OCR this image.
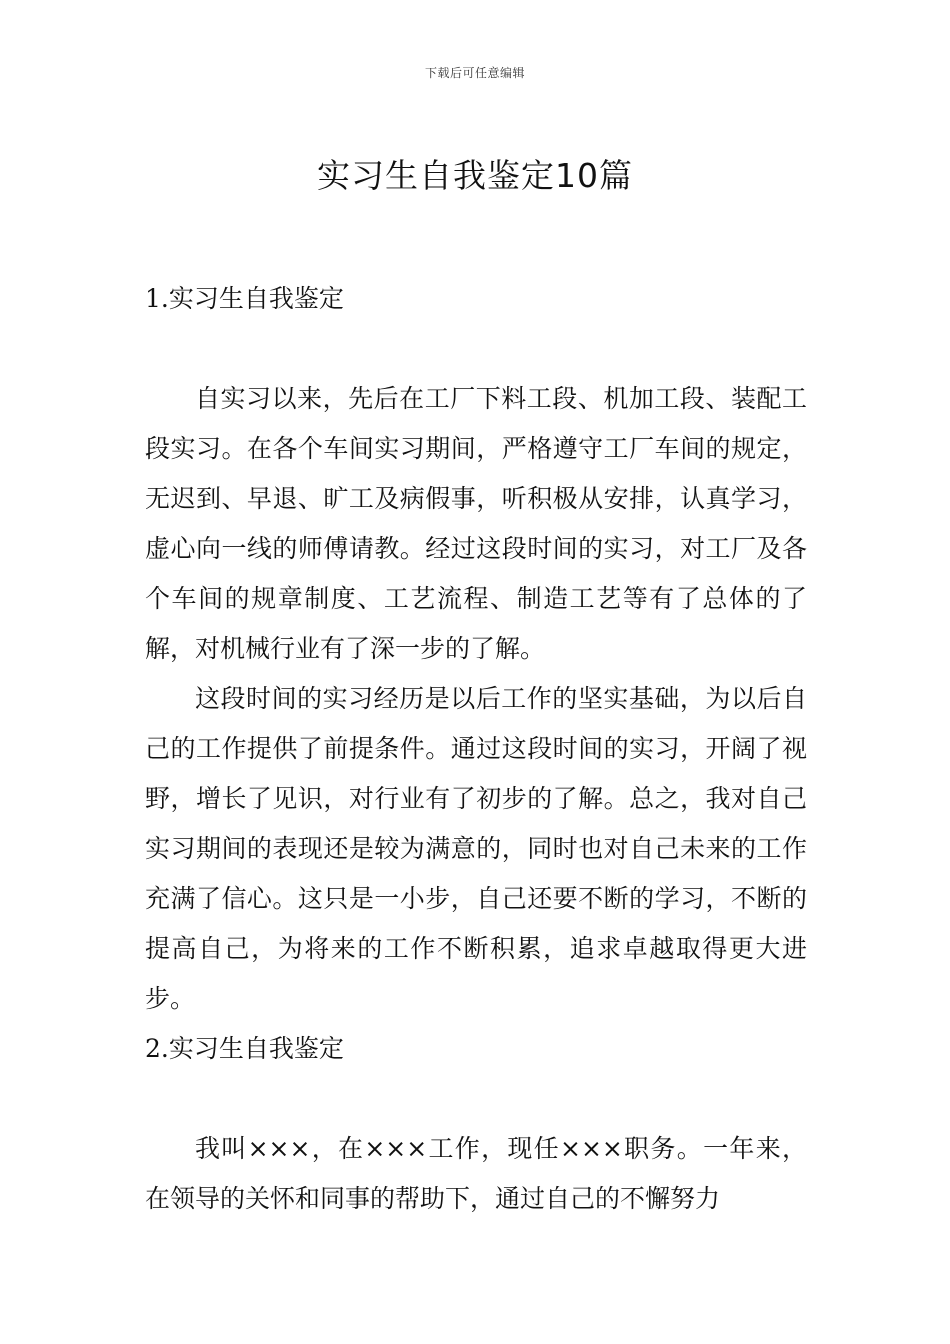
下载后可任意编辑
实习生自我鉴定10篇
1.实习生自我鉴定

自实习以来，先后在工厂下料工段、机加工段、装配工段实习。在各个车间实习期间，严格遵守工厂车间的规定，无迟到、早退、旷工及病假事，听积极从安排，认真学习，虚心向一线的师傅请教。经过这段时间的实习，对工厂及各个车间的规章制度、工艺流程、制造工艺等有了总体的了解，对机械行业有了深一步的了解。

这段时间的实习经历是以后工作的坚实基础，为以后自己的工作提供了前提条件。通过这段时间的实习，开阔了视野，增长了见识，对行业有了初步的了解。总之，我对自己实习期间的表现还是较为满意的，同时也对自己未来的工作充满了信心。这只是一小步，自己还要不断的学习，不断的提高自己，为将来的工作不断积累，追求卓越取得更大进步。

2.实习生自我鉴定

我叫×××，在×××工作，现任×××职务。一年来，在领导的关怀和同事的帮助下，通过自己的不懈努力
